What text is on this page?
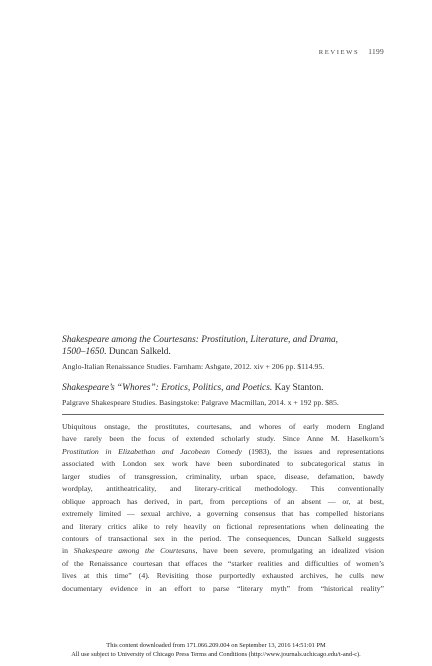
REVIEWS 1199
Shakespeare among the Courtesans: Prostitution, Literature, and Drama,
1500–1650. Duncan Salkeld.
Anglo-Italian Renaissance Studies. Farnham: Ashgate, 2012. xiv + 206 pp. $114.95.
Shakespeare’s “Whores”: Erotics, Politics, and Poetics. Kay Stanton.
Palgrave Shakespeare Studies. Basingstoke: Palgrave Macmillan, 2014. x + 192 pp. $85.
Ubiquitous onstage, the prostitutes, courtesans, and whores of early modern England
have rarely been the focus of extended scholarly study. Since Anne M. Haselkorn’s
Prostitution in Elizabethan and Jacobean Comedy (1983), the issues and representations
associated with London sex work have been subordinated to subcategorical status in
larger studies of transgression, criminality, urban space, disease, defamation, bawdy
wordplay, antitheatricality, and literary-critical methodology. This conventionally
oblique approach has derived, in part, from perceptions of an absent — or, at best,
extremely limited — sexual archive, a governing consensus that has compelled historians
and literary critics alike to rely heavily on fictional representations when delineating the
contours of transactional sex in the period. The consequences, Duncan Salkeld suggests
in Shakespeare among the Courtesans, have been severe, promulgating an idealized vision
of the Renaissance courtesan that effaces the “starker realities and difficulties of women’s
lives at this time” (4). Revisiting those purportedly exhausted archives, he culls new
documentary evidence in an effort to parse “literary myth” from “historical reality”
This content downloaded from 171.066.209.004 on September 13, 2016 14:51:01 PM
All use subject to University of Chicago Press Terms and Conditions (http://www.journals.uchicago.edu/t-and-c).
